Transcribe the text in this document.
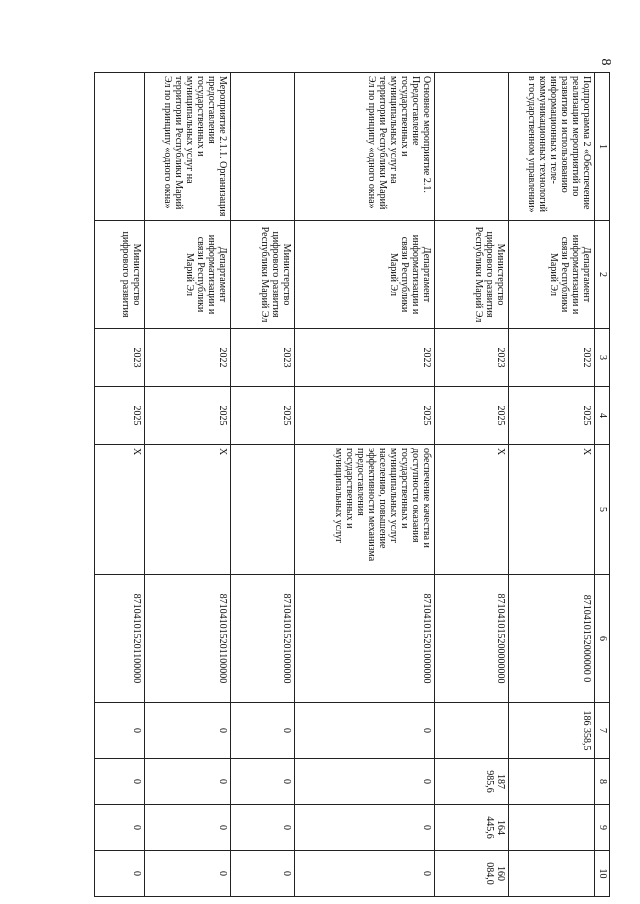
8
1	2	3	4	5	6	7	8	9	10
Подпрограмма 2 «Обеспечение реализации мероприятий по развитию и использованию информационных и теле-коммуникационных технологий в государственном управлении»	Департамент информатизации и связи Республики Марий Эл	2022	2025	Х	8710410152000000 0	186 358,5			
	Министерство цифрового развития Республики Марий Эл	2023	2025	Х	871041015200000000		187 985,6	164 445,6	160 084,0
Основное мероприятие 2.1. Предоставление государственных и муниципальных услуг на территории Республики Марий Эл по принципу «одного окна»	Департамент информатизации и связи Республики Марий Эл	2022	2025	обеспечение качества и доступности оказания государственных и муниципальных услуг населению, повышение эффективности механизма предоставления государственных и муниципальных услуг	871041015201000000	0	0	0	0
	Министерство цифрового развития Республики Марий Эл	2023	2025		871041015201000000	0	0	0	0
Мероприятие 2.1.1. Организация предоставления государственных и муниципальных услуг на территории Республики Марий Эл по принципу «одного окна»	Департамент информатизации и связи Республики Марий Эл	2022	2025	Х	871041015201100000	0	0	0	0
	Министерство цифрового развития	2023	2025	Х	871041015201100000	0	0	0	0
